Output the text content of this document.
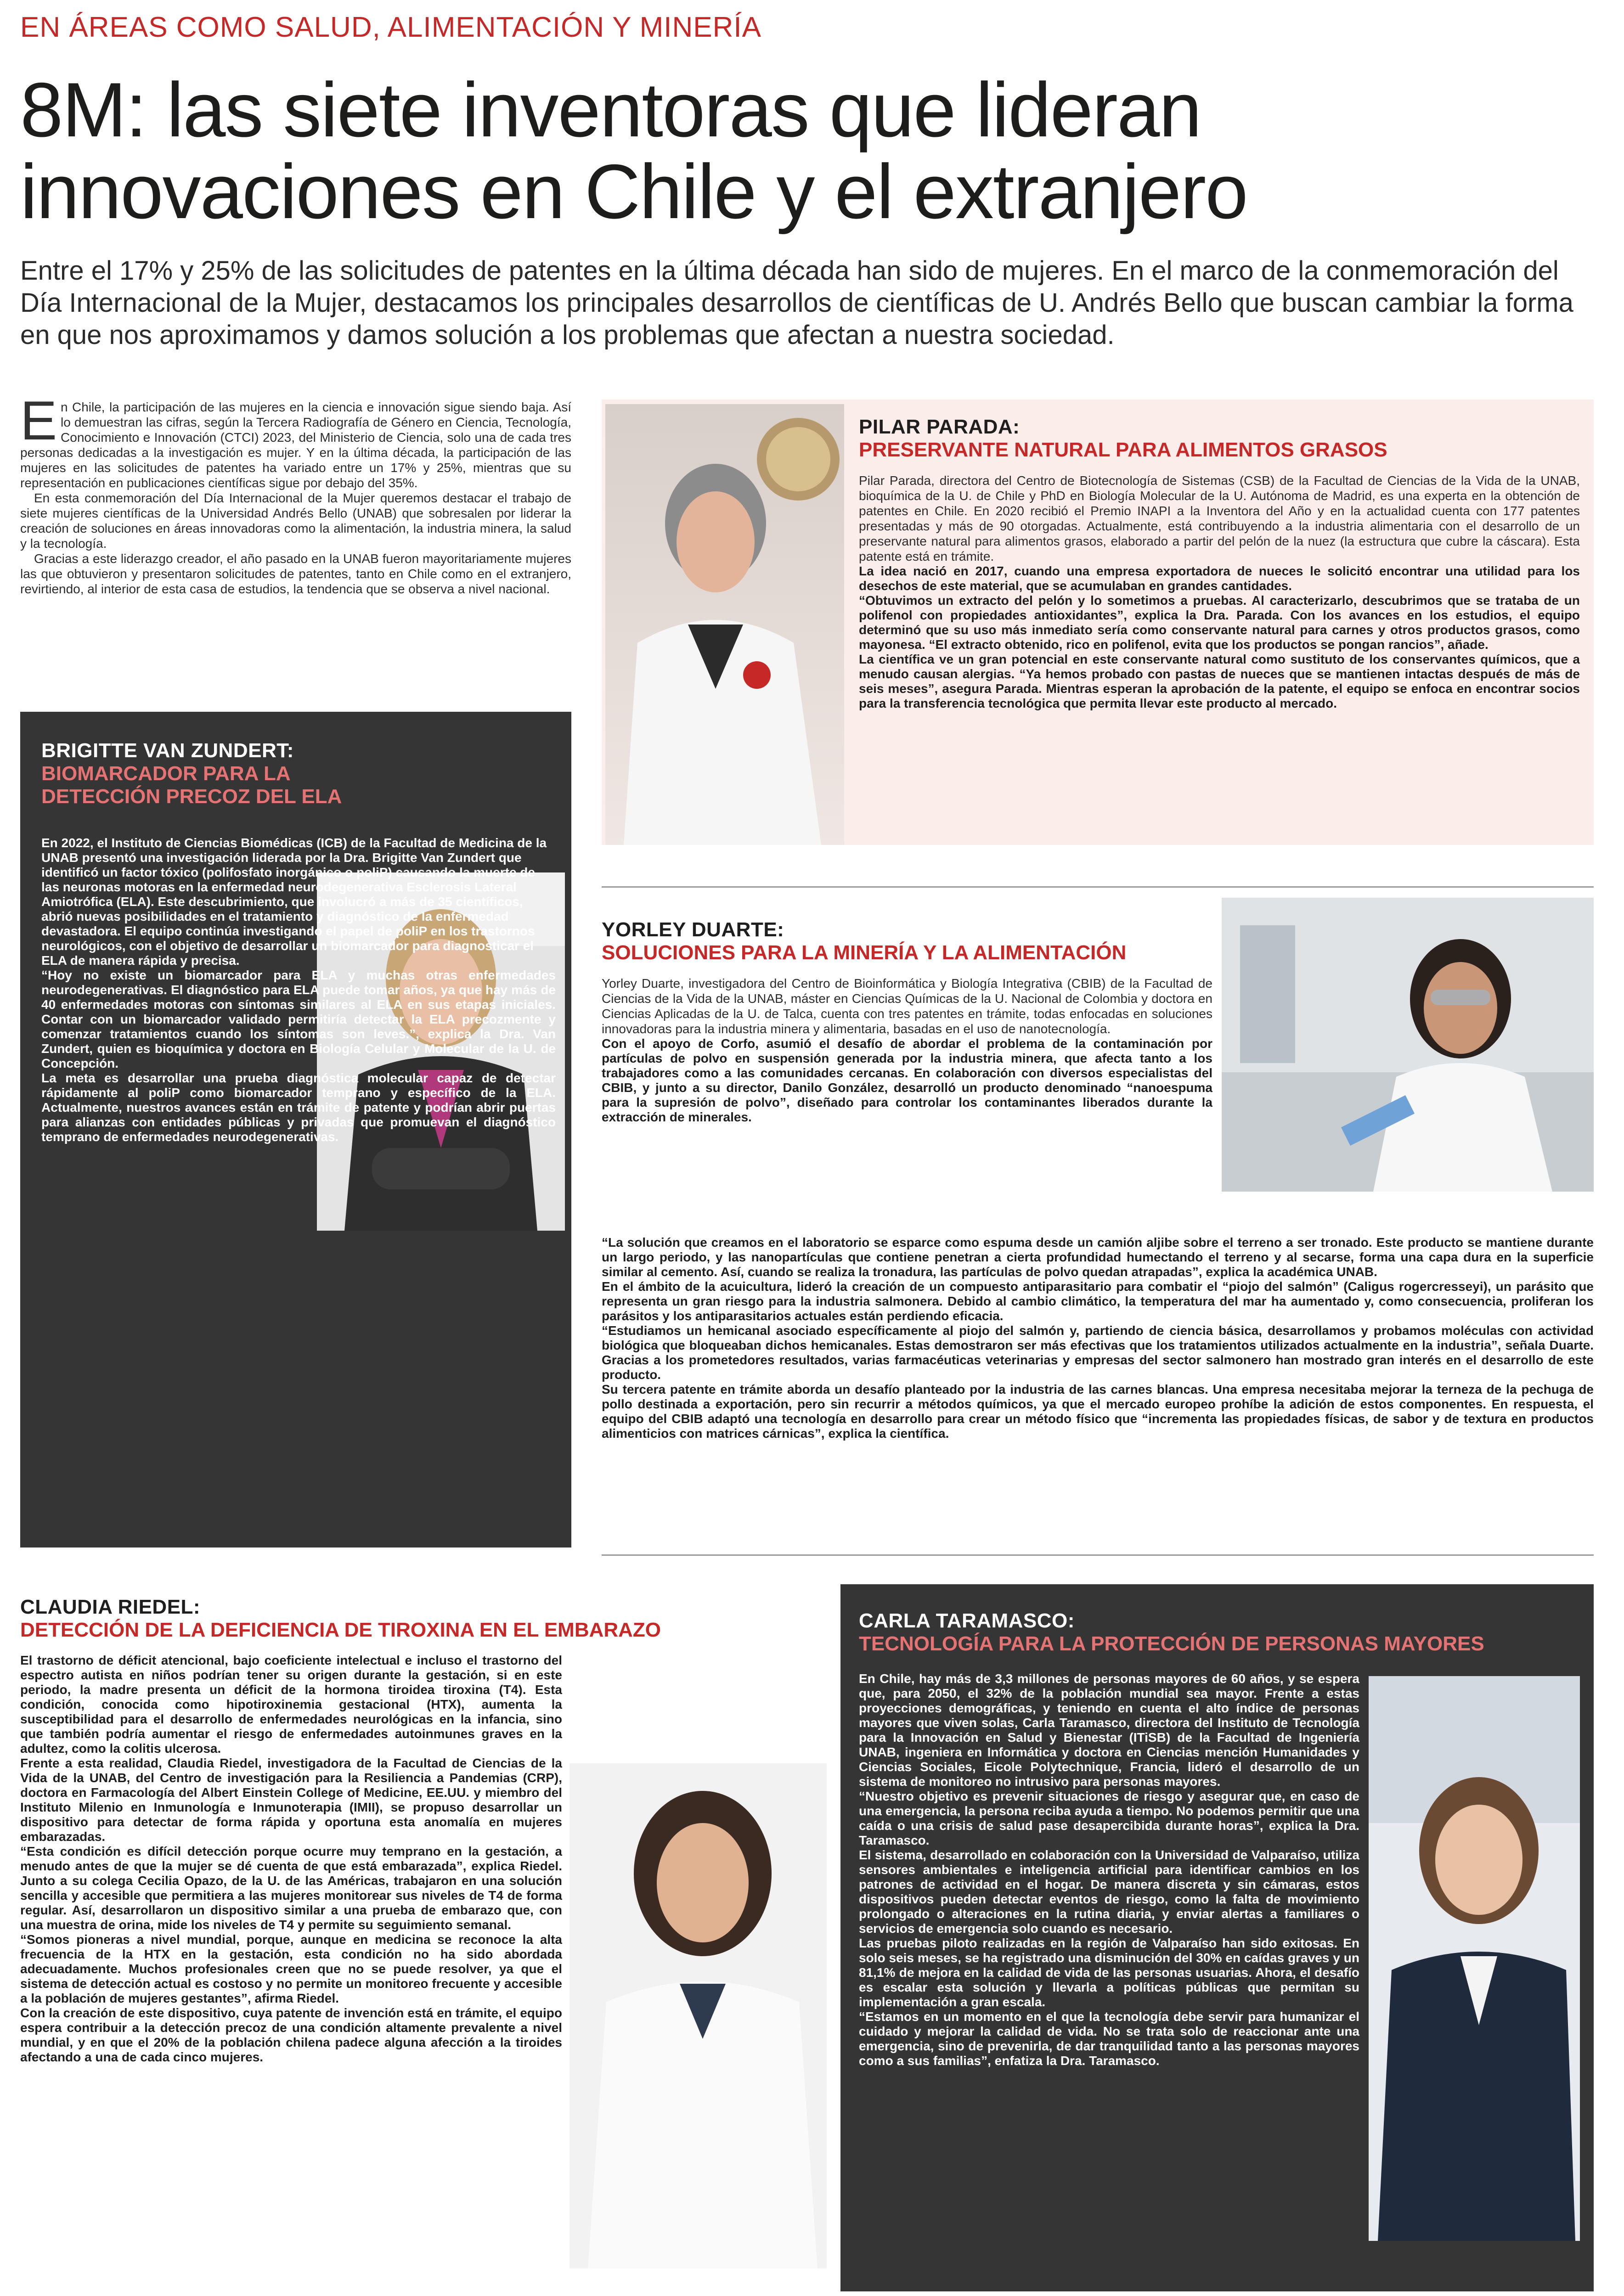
EN ÁREAS COMO SALUD, ALIMENTACIÓN Y MINERÍA
8M: las siete inventoras que lideran innovaciones en Chile y el extranjero
Entre el 17% y 25% de las solicitudes de patentes en la última década han sido de mujeres. En el marco de la conmemoración del Día Internacional de la Mujer, destacamos los principales desarrollos de científicas de U. Andrés Bello que buscan cambiar la forma en que nos aproximamos y damos solución a los problemas que afectan a nuestra sociedad.
E n Chile, la participación de las mujeres en la ciencia e innovación sigue siendo baja. Así lo demuestran las cifras, según la Tercera Radiografía de Género en Ciencia, Tecnología, Conocimiento e Innovación (CTCI) 2023, del Ministerio de Ciencia, solo una de cada tres personas dedicadas a la investigación es mujer. Y en la última década, la participación de las mujeres en las solicitudes de patentes ha variado entre un 17% y 25%, mientras que su representación en publicaciones científicas sigue por debajo del 35%.

En esta conmemoración del Día Internacional de la Mujer queremos destacar el trabajo de siete mujeres científicas de la Universidad Andrés Bello (UNAB) que sobresalen por liderar la creación de soluciones en áreas innovadoras como la alimentación, la industria minera, la salud y la tecnología.

Gracias a este liderazgo creador, el año pasado en la UNAB fueron mayoritariamente mujeres las que obtuvieron y presentaron solicitudes de patentes, tanto en Chile como en el extranjero, revirtiendo, al interior de esta casa de estudios, la tendencia que se observa a nivel nacional.

PILAR PARADA:
PRESERVANTE NATURAL PARA ALIMENTOS GRASOS

Pilar Parada, directora del Centro de Biotecnología de Sistemas (CSB) de la Facultad de Ciencias de la Vida de la UNAB, bioquímica de la U. de Chile y PhD en Biología Molecular de la U. Autónoma de Madrid, es una experta en la obtención de patentes en Chile. En 2020 recibió el Premio INAPI a la Inventora del Año y en la actualidad cuenta con 177 patentes presentadas y más de 90 otorgadas. Actualmente, está contribuyendo a la industria alimentaria con el desarrollo de un preservante natural para alimentos grasos, elaborado a partir del pelón de la nuez (la estructura que cubre la cáscara). Esta patente está en trámite.

La idea nació en 2017, cuando una empresa exportadora de nueces le solicitó encontrar una utilidad para los desechos de este material, que se acumulaban en grandes cantidades.

“Obtuvimos un extracto del pelón y lo sometimos a pruebas. Al caracterizarlo, descubrimos que se trataba de un polifenol con propiedades antioxidantes”, explica la Dra. Parada. Con los avances en los estudios, el equipo determinó que su uso más inmediato sería como conservante natural para carnes y otros productos grasos, como mayonesa. “El extracto obtenido, rico en polifenol, evita que los productos se pongan rancios”, añade.

La científica ve un gran potencial en este conservante natural como sustituto de los conservantes químicos, que a menudo causan alergias. “Ya hemos probado con pastas de nueces que se mantienen intactas después de más de seis meses”, asegura Parada. Mientras esperan la aprobación de la patente, el equipo se enfoca en encontrar socios para la transferencia tecnológica que permita llevar este producto al mercado.

BRIGITTE VAN ZUNDERT:
BIOMARCADOR PARA LA DETECCIÓN PRECOZ DEL ELA

En 2022, el Instituto de Ciencias Biomédicas (ICB) de la Facultad de Medicina de la UNAB presentó una investigación liderada por la Dra. Brigitte Van Zundert que identificó un factor tóxico (polifosfato inorgánico o poliP) causando la muerte de las neuronas motoras en la enfermedad neurodegenerativa Esclerosis Lateral Amiotrófica (ELA). Este descubrimiento, que involucró a más de 35 científicos, abrió nuevas posibilidades en el tratamiento y diagnóstico de la enfermedad devastadora. El equipo continúa investigando el papel de poliP en los trastornos neurológicos, con el objetivo de desarrollar un biomarcador para diagnosticar el ELA de manera rápida y precisa.

“Hoy no existe un biomarcador para ELA y muchas otras enfermedades neurodegenerativas. El diagnóstico para ELA puede tomar años, ya que hay más de 40 enfermedades motoras con síntomas similares al ELA en sus etapas iniciales. Contar con un biomarcador validado permitiría detectar la ELA precozmente y comenzar tratamientos cuando los síntomas son leves.”, explica la Dra. Van Zundert, quien es bioquímica y doctora en Biología Celular y Molecular de la U. de Concepción.

La meta es desarrollar una prueba diagnóstica molecular capaz de detectar rápidamente al poliP como biomarcador temprano y específico de la ELA. Actualmente, nuestros avances están en trámite de patente y podrían abrir puertas para alianzas con entidades públicas y privadas que promuevan el diagnóstico temprano de enfermedades neurodegenerativas.

YORLEY DUARTE:
SOLUCIONES PARA LA MINERÍA Y LA ALIMENTACIÓN

Yorley Duarte, investigadora del Centro de Bioinformática y Biología Integrativa (CBIB) de la Facultad de Ciencias de la Vida de la UNAB, máster en Ciencias Químicas de la U. Nacional de Colombia y doctora en Ciencias Aplicadas de la U. de Talca, cuenta con tres patentes en trámite, todas enfocadas en soluciones innovadoras para la industria minera y alimentaria, basadas en el uso de nanotecnología.

Con el apoyo de Corfo, asumió el desafío de abordar el problema de la contaminación por partículas de polvo en suspensión generada por la industria minera, que afecta tanto a los trabajadores como a las comunidades cercanas. En colaboración con diversos especialistas del CBIB, y junto a su director, Danilo González, desarrolló un producto denominado “nanoespuma para la supresión de polvo”, diseñado para controlar los contaminantes liberados durante la extracción de minerales.

“La solución que creamos en el laboratorio se esparce como espuma desde un camión aljibe sobre el terreno a ser tronado. Este producto se mantiene durante un largo periodo, y las nanopartículas que contiene penetran a cierta profundidad humectando el terreno y al secarse, forma una capa dura en la superficie similar al cemento. Así, cuando se realiza la tronadura, las partículas de polvo quedan atrapadas”, explica la académica UNAB.

En el ámbito de la acuicultura, lideró la creación de un compuesto antiparasitario para combatir el “piojo del salmón” (Caligus rogercresseyi), un parásito que representa un gran riesgo para la industria salmonera. Debido al cambio climático, la temperatura del mar ha aumentado y, como consecuencia, proliferan los parásitos y los antiparasitarios actuales están perdiendo eficacia.

“Estudiamos un hemicanal asociado específicamente al piojo del salmón y, partiendo de ciencia básica, desarrollamos y probamos moléculas con actividad biológica que bloqueaban dichos hemicanales. Estas demostraron ser más efectivas que los tratamientos utilizados actualmente en la industria”, señala Duarte. Gracias a los prometedores resultados, varias farmacéuticas veterinarias y empresas del sector salmonero han mostrado gran interés en el desarrollo de este producto.

Su tercera patente en trámite aborda un desafío planteado por la industria de las carnes blancas. Una empresa necesitaba mejorar la terneza de la pechuga de pollo destinada a exportación, pero sin recurrir a métodos químicos, ya que el mercado europeo prohíbe la adición de estos componentes. En respuesta, el equipo del CBIB adaptó una tecnología en desarrollo para crear un método físico que “incrementa las propiedades físicas, de sabor y de textura en productos alimenticios con matrices cárnicas”, explica la científica.

CLAUDIA RIEDEL:
DETECCIÓN DE LA DEFICIENCIA DE TIROXINA EN EL EMBARAZO

El trastorno de déficit atencional, bajo coeficiente intelectual e incluso el trastorno del espectro autista en niños podrían tener su origen durante la gestación, si en este periodo, la madre presenta un déficit de la hormona tiroidea tiroxina (T4). Esta condición, conocida como hipotiroxinemia gestacional (HTX), aumenta la susceptibilidad para el desarrollo de enfermedades neurológicas en la infancia, sino que también podría aumentar el riesgo de enfermedades autoinmunes graves en la adultez, como la colitis ulcerosa.

Frente a esta realidad, Claudia Riedel, investigadora de la Facultad de Ciencias de la Vida de la UNAB, del Centro de investigación para la Resiliencia a Pandemias (CRP), doctora en Farmacología del Albert Einstein College of Medicine, EE.UU. y miembro del Instituto Milenio en Inmunología e Inmunoterapia (IMII), se propuso desarrollar un dispositivo para detectar de forma rápida y oportuna esta anomalía en mujeres embarazadas.

“Esta condición es difícil detección porque ocurre muy temprano en la gestación, a menudo antes de que la mujer se dé cuenta de que está embarazada”, explica Riedel. Junto a su colega Cecilia Opazo, de la U. de las Américas, trabajaron en una solución sencilla y accesible que permitiera a las mujeres monitorear sus niveles de T4 de forma regular. Así, desarrollaron un dispositivo similar a una prueba de embarazo que, con una muestra de orina, mide los niveles de T4 y permite su seguimiento semanal.

“Somos pioneras a nivel mundial, porque, aunque en medicina se reconoce la alta frecuencia de la HTX en la gestación, esta condición no ha sido abordada adecuadamente. Muchos profesionales creen que no se puede resolver, ya que el sistema de detección actual es costoso y no permite un monitoreo frecuente y accesible a la población de mujeres gestantes”, afirma Riedel.

Con la creación de este dispositivo, cuya patente de invención está en trámite, el equipo espera contribuir a la detección precoz de una condición altamente prevalente a nivel mundial, y en que el 20% de la población chilena padece alguna afección a la tiroides afectando a una de cada cinco mujeres.

CARLA TARAMASCO:
TECNOLOGÍA PARA LA PROTECCIÓN DE PERSONAS MAYORES

En Chile, hay más de 3,3 millones de personas mayores de 60 años, y se espera que, para 2050, el 32% de la población mundial sea mayor. Frente a estas proyecciones demográficas, y teniendo en cuenta el alto índice de personas mayores que viven solas, Carla Taramasco, directora del Instituto de Tecnología para la Innovación en Salud y Bienestar (ITiSB) de la Facultad de Ingeniería UNAB, ingeniera en Informática y doctora en Ciencias mención Humanidades y Ciencias Sociales, Eicole Polytechnique, Francia, lideró el desarrollo de un sistema de monitoreo no intrusivo para personas mayores.

“Nuestro objetivo es prevenir situaciones de riesgo y asegurar que, en caso de una emergencia, la persona reciba ayuda a tiempo. No podemos permitir que una caída o una crisis de salud pase desapercibida durante horas”, explica la Dra. Taramasco.

El sistema, desarrollado en colaboración con la Universidad de Valparaíso, utiliza sensores ambientales e inteligencia artificial para identificar cambios en los patrones de actividad en el hogar. De manera discreta y sin cámaras, estos dispositivos pueden detectar eventos de riesgo, como la falta de movimiento prolongado o alteraciones en la rutina diaria, y enviar alertas a familiares o servicios de emergencia solo cuando es necesario.

Las pruebas piloto realizadas en la región de Valparaíso han sido exitosas. En solo seis meses, se ha registrado una disminución del 30% en caídas graves y un 81,1% de mejora en la calidad de vida de las personas usuarias. Ahora, el desafío es escalar esta solución y llevarla a políticas públicas que permitan su implementación a gran escala.

“Estamos en un momento en el que la tecnología debe servir para humanizar el cuidado y mejorar la calidad de vida. No se trata solo de reaccionar ante una emergencia, sino de prevenirla, de dar tranquilidad tanto a las personas mayores como a sus familias”, enfatiza la Dra. Taramasco.
